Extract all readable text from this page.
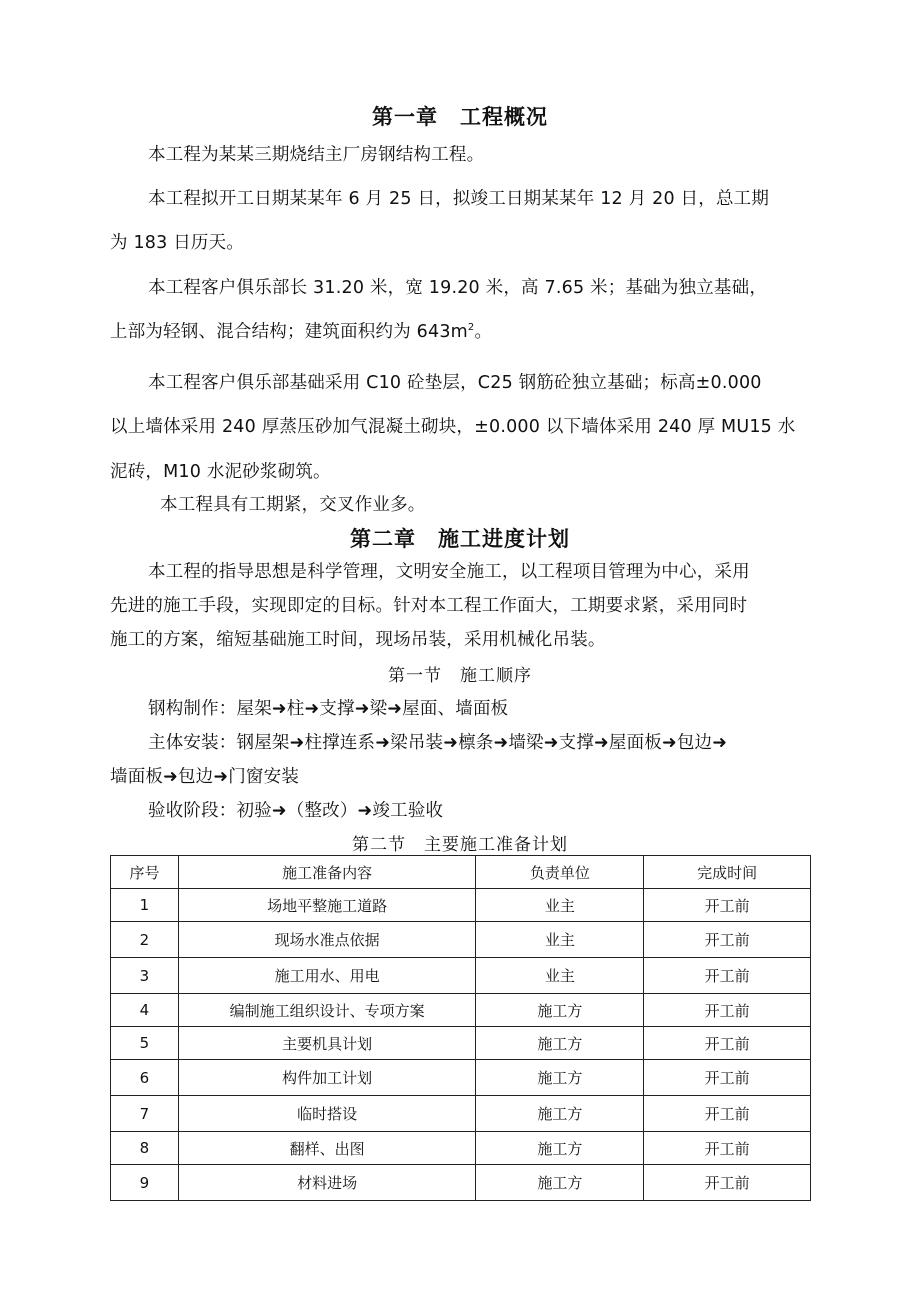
第一章　工程概况
本工程为某某三期烧结主厂房钢结构工程。
本工程拟开工日期某某年 6 月 25 日，拟竣工日期某某年 12 月 20 日，总工期
为 183 日历天。
本工程客户俱乐部长 31.20 米，宽 19.20 米，高 7.65 米；基础为独立基础，
上部为轻钢、混合结构；建筑面积约为 $643m^2$。
本工程客户俱乐部基础采用 C10 砼垫层，C25 钢筋砼独立基础；标高±0.000
以上墙体采用 240 厚蒸压砂加气混凝土砌块，±0.000 以下墙体采用 240 厚 MU15 水
泥砖，M10 水泥砂浆砌筑。
本工程具有工期紧，交叉作业多。
第二章　施工进度计划
本工程的指导思想是科学管理，文明安全施工，以工程项目管理为中心，采用
先进的施工手段，实现即定的目标。针对本工程工作面大，工期要求紧，采用同时
施工的方案，缩短基础施工时间，现场吊装，采用机械化吊装。
第一节　施工顺序
钢构制作：屋架➜柱➜支撑➜梁➜屋面、墙面板
主体安装：钢屋架➜柱撑连系➜梁吊装➜檩条➜墙梁➜支撑➜屋面板➜包边➜
墙面板➜包边➜门窗安装
验收阶段：初验➜（整改）➜竣工验收
第二节　主要施工准备计划
序号	施工准备内容	负责单位	完成时间
1	场地平整施工道路	业主	开工前
2	现场水准点依据	业主	开工前
3	施工用水、用电	业主	开工前
4	编制施工组织设计、专项方案	施工方	开工前
5	主要机具计划	施工方	开工前
6	构件加工计划	施工方	开工前
7	临时搭设	施工方	开工前
8	翻样、出图	施工方	开工前
9	材料进场	施工方	开工前
